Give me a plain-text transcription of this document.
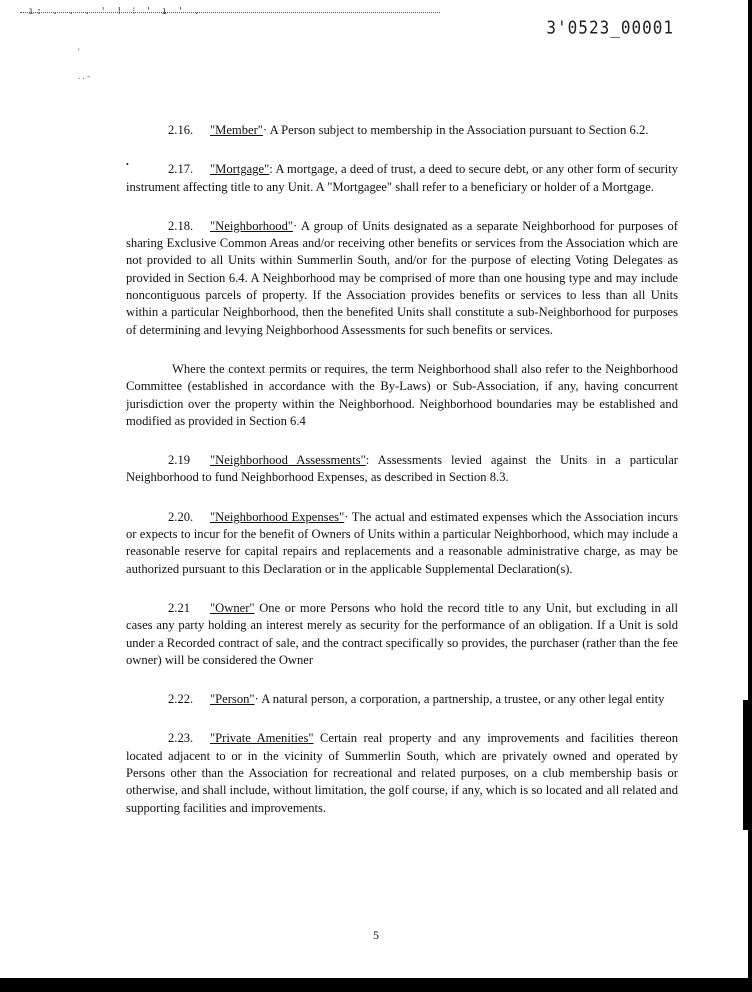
ı: . . . ' ! ⁝ ' ı ' .
'
. . -
3'0523_00001
•

2.16. "Member"· A Person subject to membership in the Association pursuant to Section 6.2.

2.17. "Mortgage": A mortgage, a deed of trust, a deed to secure debt, or any other form of security instrument affecting title to any Unit. A "Mortgagee" shall refer to a beneficiary or holder of a Mortgage.

2.18. "Neighborhood"· A group of Units designated as a separate Neighborhood for purposes of sharing Exclusive Common Areas and/or receiving other benefits or services from the Association which are not provided to all Units within Summerlin South, and/or for the purpose of electing Voting Delegates as provided in Section 6.4. A Neighborhood may be comprised of more than one housing type and may include noncontiguous parcels of property. If the Association provides benefits or services to less than all Units within a particular Neighborhood, then the benefited Units shall constitute a sub-Neighborhood for purposes of determining and levying Neighborhood Assessments for such benefits or services.

Where the context permits or requires, the term Neighborhood shall also refer to the Neighborhood Committee (established in accordance with the By-Laws) or Sub-Association, if any, having concurrent jurisdiction over the property within the Neighborhood. Neighborhood boundaries may be established and modified as provided in Section 6.4

2.19 "Neighborhood Assessments": Assessments levied against the Units in a particular Neighborhood to fund Neighborhood Expenses, as described in Section 8.3.

2.20. "Neighborhood Expenses"· The actual and estimated expenses which the Association incurs or expects to incur for the benefit of Owners of Units within a particular Neighborhood, which may include a reasonable reserve for capital repairs and replacements and a reasonable administrative charge, as may be authorized pursuant to this Declaration or in the applicable Supplemental Declaration(s).

2.21 "Owner" One or more Persons who hold the record title to any Unit, but excluding in all cases any party holding an interest merely as security for the performance of an obligation. If a Unit is sold under a Recorded contract of sale, and the contract specifically so provides, the purchaser (rather than the fee owner) will be considered the Owner

2.22. "Person"· A natural person, a corporation, a partnership, a trustee, or any other legal entity

2.23. "Private Amenities" Certain real property and any improvements and facilities thereon located adjacent to or in the vicinity of Summerlin South, which are privately owned and operated by Persons other than the Association for recreational and related purposes, on a club membership basis or otherwise, and shall include, without limitation, the golf course, if any, which is so located and all related and supporting facilities and improvements.

5
